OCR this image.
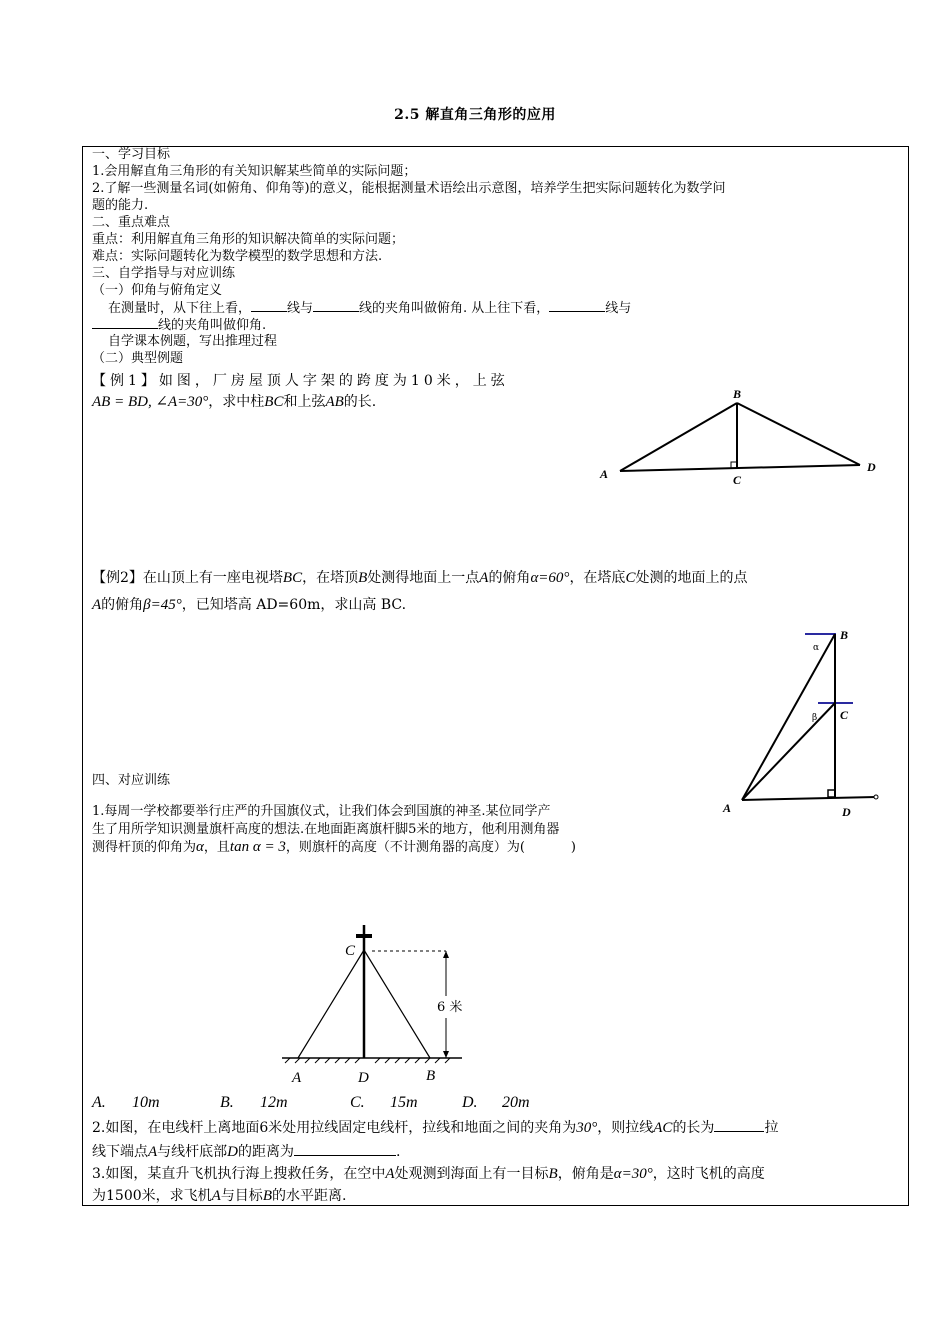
2.5 解直角三角形的应用
一、学习目标
1.会用解直角三角形的有关知识解某些简单的实际问题；
2.了解一些测量名词(如俯角、仰角等)的意义，能根据测量术语绘出示意图，培养学生把实际问题转化为数学问
题的能力.
二、重点难点
重点：利用解直角三角形的知识解决简单的实际问题；
难点：实际问题转化为数学模型的数学思想和方法.
三、自学指导与对应训练
（一）仰角与俯角定义
在测量时，从下往上看，	线与	线的夹角叫做俯角. 从上往下看，	线与
线的夹角叫做仰角.
自学课本例题，写出推理过程
（二）典型例题
【例1】如图，厂房屋顶人字架的跨度为10米，上弦
AB = BD, ∠A=30°，求中柱BC和上弦AB的长.	B
A	C
D
【例2】在山顶上有一座电视塔BC，在塔顶B处测得地面上一点A的俯角α=60°，在塔底C处测的地面上的点
A的俯角β=45°，已知塔高 AD=60m，求山高 BC.
B
C
A	D
α
β
四、对应训练
1.每周一学校都要举行庄严的升国旗仪式，让我们体会到国旗的神圣.某位同学产
生了用所学知识测量旗杆高度的想法.在地面距离旗杆脚5米的地方，他利用测角器
测得杆顶的仰角为α，且tan α = 3，则旗杆的高度（不计测角器的高度）为(	)
6 米
C
A	D	B
A. 10m	B. 12m	C. 15m	D. 20m
2.如图，在电线杆上离地面6米处用拉线固定电线杆，拉线和地面之间的夹角为30°，则拉线AC的长为	拉
线下端点A与线杆底部D的距离为	.
3.如图，某直升飞机执行海上搜救任务，在空中A处观测到海面上有一目标B，俯角是α=30°，这时飞机的高度
为1500米，求飞机A与目标B的水平距离.
